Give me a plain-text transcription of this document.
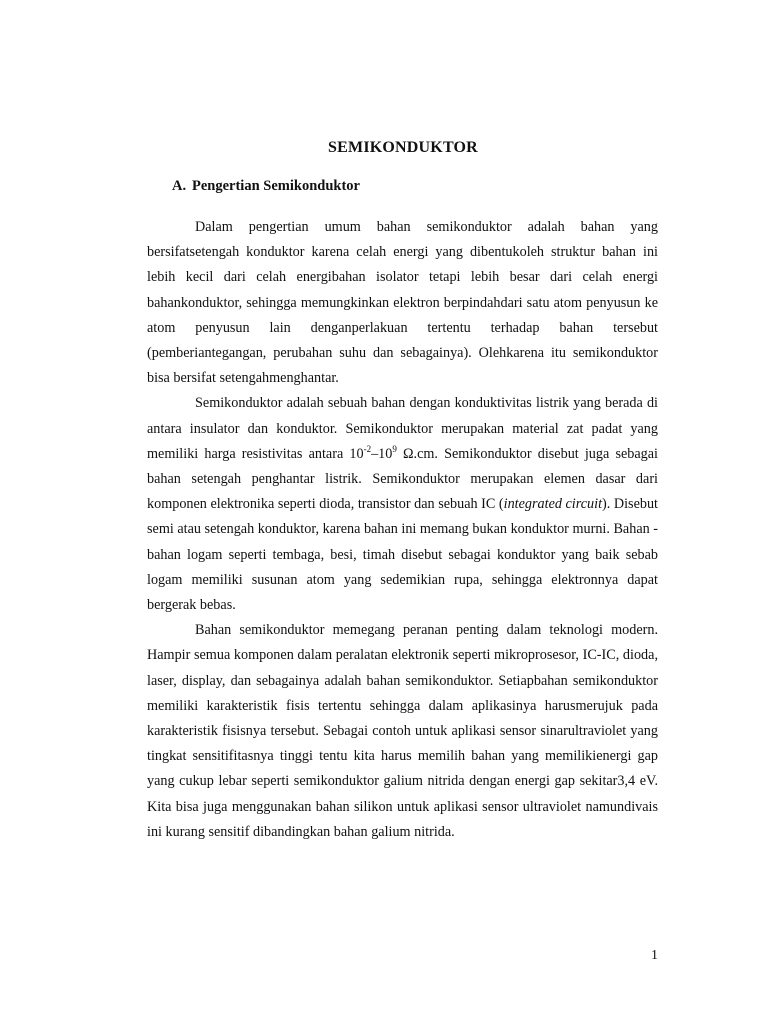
SEMIKONDUKTOR
A. Pengertian Semikonduktor

Dalam pengertian umum bahan semikonduktor adalah bahan yang bersifatsetengah konduktor karena celah energi yang dibentukoleh struktur bahan ini lebih kecil dari celah energibahan isolator tetapi lebih besar dari celah energi bahankonduktor, sehingga memungkinkan elektron berpindahdari satu atom penyusun ke atom penyusun lain denganperlakuan tertentu terhadap bahan tersebut (pemberiantegangan, perubahan suhu dan sebagainya). Olehkarena itu semikonduktor bisa bersifat setengahmenghantar.

Semikonduktor adalah sebuah bahan dengan konduktivitas listrik yang berada di antara insulator dan konduktor. Semikonduktor merupakan material zat padat yang memiliki harga resistivitas antara $10^{-2}-10^9$ Ω.cm. Semikonduktor disebut juga sebagai bahan setengah penghantar listrik. Semikonduktor merupakan elemen dasar dari komponen elektronika seperti dioda, transistor dan sebuah IC (integrated circuit). Disebut semi atau setengah konduktor, karena bahan ini memang bukan konduktor murni. Bahan - bahan logam seperti tembaga, besi, timah disebut sebagai konduktor yang baik sebab logam memiliki susunan atom yang sedemikian rupa, sehingga elektronnya dapat bergerak bebas.

Bahan semikonduktor memegang peranan penting dalam teknologi modern. Hampir semua komponen dalam peralatan elektronik seperti mikroprosesor, IC-IC, dioda, laser, display, dan sebagainya adalah bahan semikonduktor. Setiapbahan semikonduktor memiliki karakteristik fisis tertentu sehingga dalam aplikasinya harusmerujuk pada karakteristik fisisnya tersebut. Sebagai contoh untuk aplikasi sensor sinarultraviolet yang tingkat sensitifitasnya tinggi tentu kita harus memilih bahan yang memilikienergi gap yang cukup lebar seperti semikonduktor galium nitrida dengan energi gap sekitar3,4 eV. Kita bisa juga menggunakan bahan silikon untuk aplikasi sensor ultraviolet namundivais ini kurang sensitif dibandingkan bahan galium nitrida.

1
